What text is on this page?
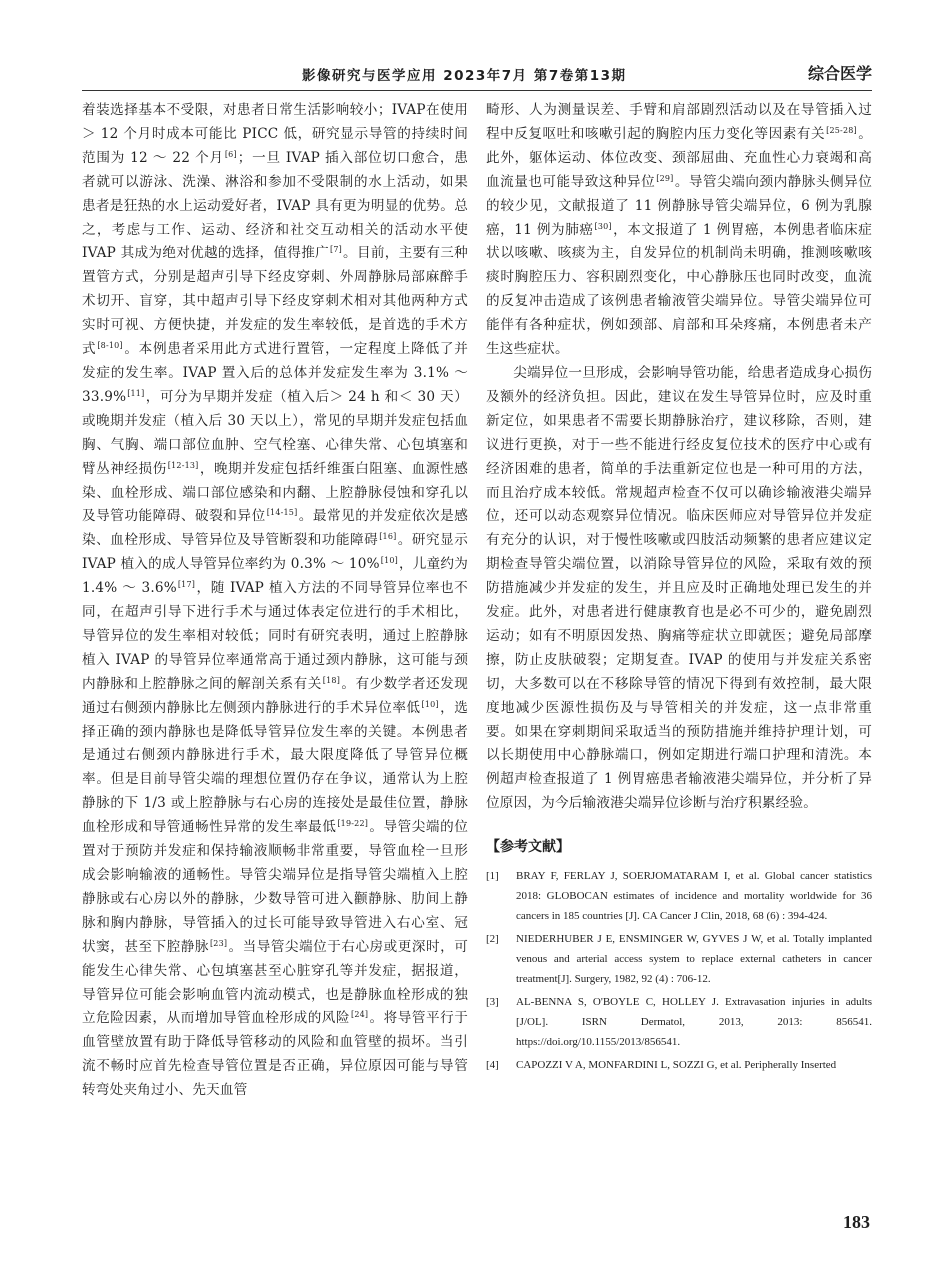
影像研究与医学应用 2023年7月 第7卷第13期	综合医学

着装选择基本不受限，对患者日常生活影响较小；IVAP在使用＞ 12 个月时成本可能比 PICC 低，研究显示导管的持续时间范围为 12 ～ 22 个月[6]；一旦 IVAP 插入部位切口愈合，患者就可以游泳、洗澡、淋浴和参加不受限制的水上活动，如果患者是狂热的水上运动爱好者，IVAP 具有更为明显的优势。总之，考虑与工作、运动、经济和社交互动相关的活动水平使 IVAP 其成为绝对优越的选择，值得推广[7]。目前，主要有三种置管方式，分别是超声引导下经皮穿刺、外周静脉局部麻醉手术切开、盲穿，其中超声引导下经皮穿刺术相对其他两种方式实时可视、方便快捷，并发症的发生率较低，是首选的手术方式[8-10]。本例患者采用此方式进行置管，一定程度上降低了并发症的发生率。IVAP 置入后的总体并发症发生率为 3.1% ～ 33.9%[11]，可分为早期并发症（植入后＞ 24 h 和＜ 30 天）或晚期并发症（植入后 30 天以上），常见的早期并发症包括血胸、气胸、端口部位血肿、空气栓塞、心律失常、心包填塞和臂丛神经损伤[12-13]，晚期并发症包括纤维蛋白阻塞、血源性感染、血栓形成、端口部位感染和内翻、上腔静脉侵蚀和穿孔以及导管功能障碍、破裂和异位[14-15]。最常见的并发症依次是感染、血栓形成、导管异位及导管断裂和功能障碍[16]。研究显示 IVAP 植入的成人导管异位率约为 0.3% ～ 10%[10]，儿童约为 1.4% ～ 3.6%[17]，随 IVAP 植入方法的不同导管异位率也不同，在超声引导下进行手术与通过体表定位进行的手术相比，导管异位的发生率相对较低；同时有研究表明，通过上腔静脉植入 IVAP 的导管异位率通常高于通过颈内静脉，这可能与颈内静脉和上腔静脉之间的解剖关系有关[18]。有少数学者还发现通过右侧颈内静脉比左侧颈内静脉进行的手术异位率低[10]，选择正确的颈内静脉也是降低导管异位发生率的关键。本例患者是通过右侧颈内静脉进行手术，最大限度降低了导管异位概率。但是目前导管尖端的理想位置仍存在争议，通常认为上腔静脉的下 1/3 或上腔静脉与右心房的连接处是最佳位置，静脉血栓形成和导管通畅性异常的发生率最低[19-22]。导管尖端的位置对于预防并发症和保持输液顺畅非常重要，导管血栓一旦形成会影响输液的通畅性。导管尖端异位是指导管尖端植入上腔静脉或右心房以外的静脉，少数导管可进入颧静脉、肋间上静脉和胸内静脉，导管插入的过长可能导致导管进入右心室、冠状窦，甚至下腔静脉[23]。当导管尖端位于右心房或更深时，可能发生心律失常、心包填塞甚至心脏穿孔等并发症，据报道，导管异位可能会影响血管内流动模式，也是静脉血栓形成的独立危险因素，从而增加导管血栓形成的风险[24]。将导管平行于血管壁放置有助于降低导管移动的风险和血管壁的损坏。当引流不畅时应首先检查导管位置是否正确，异位原因可能与导管转弯处夹角过小、先天血管

畸形、人为测量误差、手臂和肩部剧烈活动以及在导管插入过程中反复呕吐和咳嗽引起的胸腔内压力变化等因素有关[25-28]。此外，躯体运动、体位改变、颈部屈曲、充血性心力衰竭和高血流量也可能导致这种异位[29]。导管尖端向颈内静脉头侧异位的较少见，文献报道了 11 例静脉导管尖端异位，6 例为乳腺癌，11 例为肺癌[30]，本文报道了 1 例胃癌，本例患者临床症状以咳嗽、咳痰为主，自发异位的机制尚未明确，推测咳嗽咳痰时胸腔压力、容积剧烈变化，中心静脉压也同时改变，血流的反复冲击造成了该例患者输液管尖端异位。导管尖端异位可能伴有各种症状，例如颈部、肩部和耳朵疼痛，本例患者未产生这些症状。

尖端异位一旦形成，会影响导管功能，给患者造成身心损伤及额外的经济负担。因此，建议在发生导管异位时，应及时重新定位，如果患者不需要长期静脉治疗，建议移除，否则，建议进行更换，对于一些不能进行经皮复位技术的医疗中心或有经济困难的患者，简单的手法重新定位也是一种可用的方法，而且治疗成本较低。常规超声检查不仅可以确诊输液港尖端异位，还可以动态观察异位情况。临床医师应对导管异位并发症有充分的认识，对于慢性咳嗽或四肢活动频繁的患者应建议定期检查导管尖端位置，以消除导管异位的风险，采取有效的预防措施减少并发症的发生，并且应及时正确地处理已发生的并发症。此外，对患者进行健康教育也是必不可少的，避免剧烈运动；如有不明原因发热、胸痛等症状立即就医；避免局部摩擦，防止皮肤破裂；定期复查。IVAP 的使用与并发症关系密切，大多数可以在不移除导管的情况下得到有效控制，最大限度地减少医源性损伤及与导管相关的并发症，这一点非常重要。如果在穿刺期间采取适当的预防措施并维持护理计划，可以长期使用中心静脉端口，例如定期进行端口护理和清洗。本例超声检查报道了 1 例胃癌患者输液港尖端异位，并分析了异位原因，为今后输液港尖端异位诊断与治疗积累经验。

【参考文献】
[1] BRAY F, FERLAY J, SOERJOMATARAM I, et al. Global cancer statistics 2018: GLOBOCAN estimates of incidence and mortality worldwide for 36 cancers in 185 countries [J]. CA Cancer J Clin, 2018, 68 (6) : 394-424.
[2] NIEDERHUBER J E, ENSMINGER W, GYVES J W, et al. Totally implanted venous and arterial access system to replace external catheters in cancer treatment[J]. Surgery, 1982, 92 (4) : 706-12.
[3] AL-BENNA S, O'BOYLE C, HOLLEY J. Extravasation injuries in adults [J/OL]. ISRN Dermatol, 2013, 2013: 856541. https://doi.org/10.1155/2013/856541.
[4] CAPOZZI V A, MONFARDINI L, SOZZI G, et al. Peripherally Inserted
183
